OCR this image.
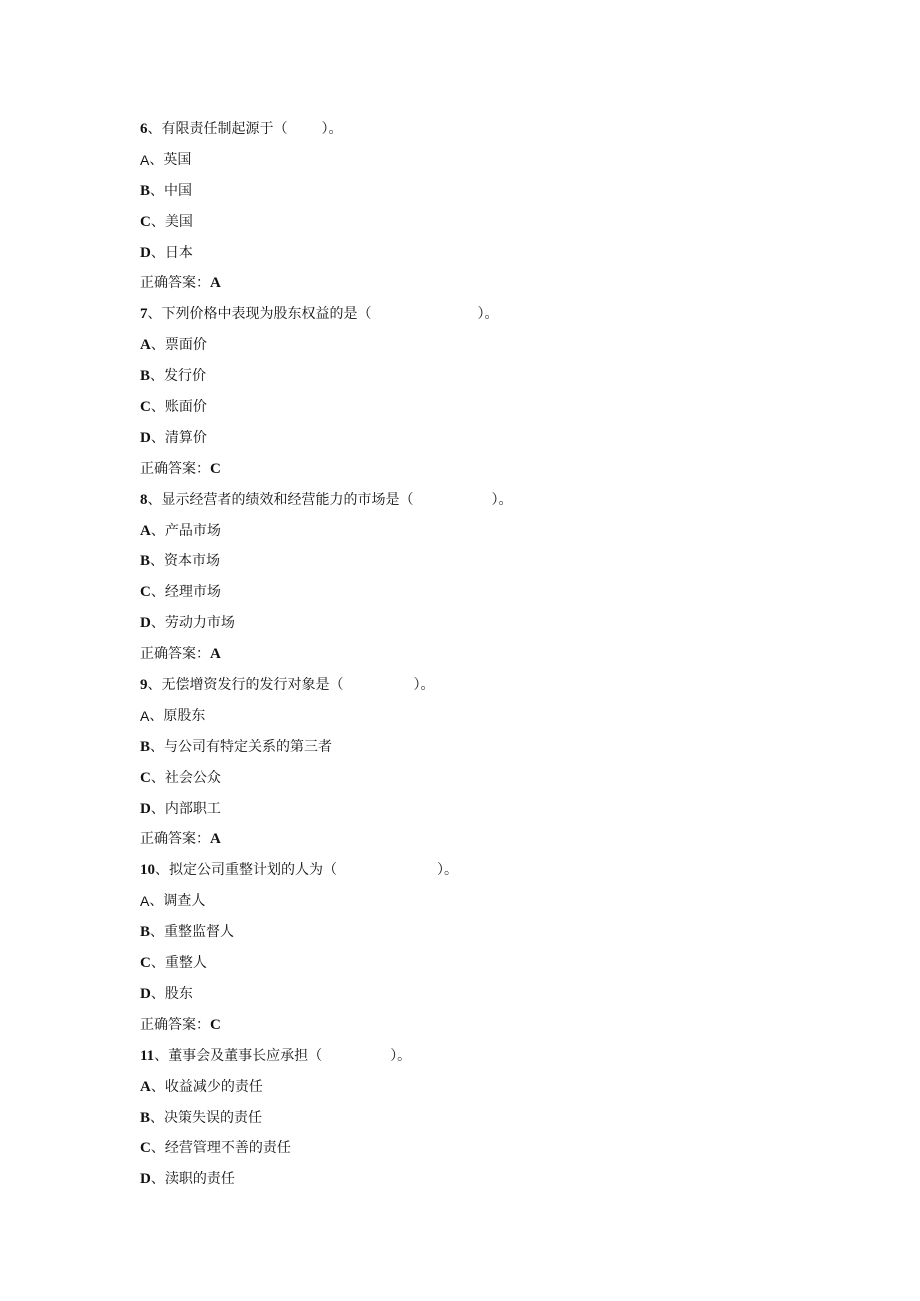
6 、 有限责任制起源于（ ）。
A 、英国
B 、中国
C 、美国
D 、日本
正确答案： A
7 、 下列价格中表现为股东权益的是（	）。
A 、票面价
B 、发行价
C 、账面价
D 、清算价
正确答案： C
8 、 显示经营者的绩效和经营能力的市场是（	）。
A 、产品市场
B 、资本市场
C 、经理市场
D 、劳动力市场
正确答案： A
9 、 无偿增资发行的发行对象是（	）。
A 、原股东
B 、与公司有特定关系的第三者
C 、社会公众
D 、内部职工
正确答案： A
10 、 拟定公司重整计划的人为（	）。
A 、调查人
B 、重整监督人
C 、重整人
D 、股东
正确答案： C
11 、 董事会及董事长应承担（	）。
A 、收益减少的责任
B 、决策失误的责任
C 、经营管理不善的责任
D 、渎职的责任
